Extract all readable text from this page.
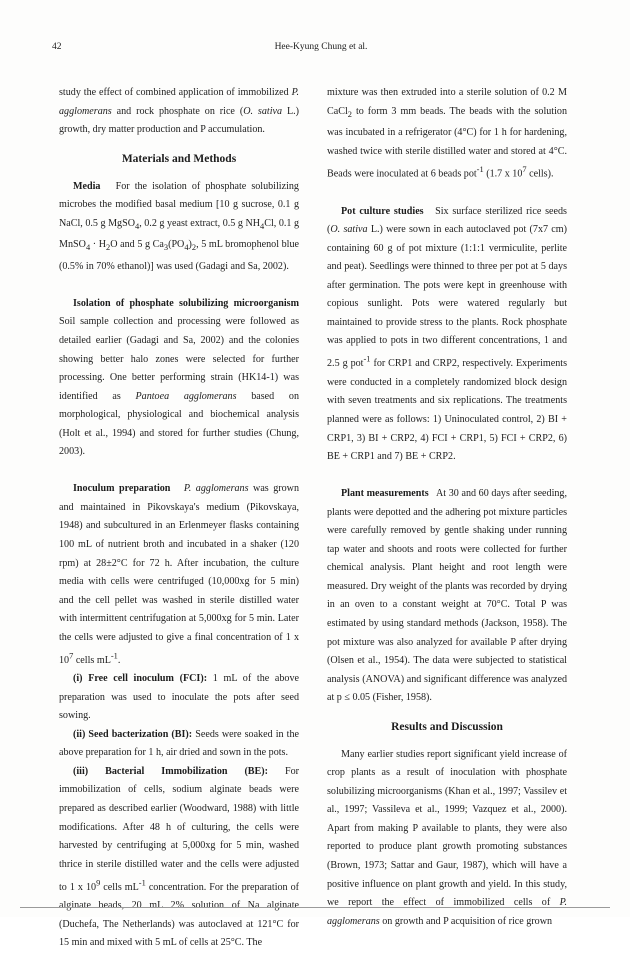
42	Hee-Kyung Chung et al.

study the effect of combined application of immobilized P. agglomerans and rock phosphate on rice (O. sativa L.) growth, dry matter production and P accumulation.

Materials and Methods

Media For the isolation of phosphate solubilizing microbes the modified basal medium [10 g sucrose, 0.1 g NaCl, 0.5 g MgSO$_4$, 0.2 g yeast extract, 0.5 g $NH_4Cl$, 0.1 g MnSO$_4$ · $H_2O$ and 5 g $Ca_3(PO_4)_2$, 5 mL bromophenol blue (0.5% in 70% ethanol)] was used (Gadagi and Sa, 2002).

Isolation of phosphate solubilizing microorganism Soil sample collection and processing were followed as detailed earlier (Gadagi and Sa, 2002) and the colonies showing better halo zones were selected for further processing. One better performing strain (HK14-1) was identified as Pantoea agglomerans based on morphological, physiological and biochemical analysis (Holt et al., 1994) and stored for further studies (Chung, 2003).

Inoculum preparation P. agglomerans was grown and maintained in Pikovskaya's medium (Pikovskaya, 1948) and subcultured in an Erlenmeyer flasks containing 100 mL of nutrient broth and incubated in a shaker (120 rpm) at 28±2°C for 72 h. After incubation, the culture media with cells were centrifuged (10,000xg for 5 min) and the cell pellet was washed in sterile distilled water with intermittent centrifugation at 5,000xg for 5 min. Later the cells were adjusted to give a final concentration of 1 x $10^7$ cells $mL^{-1}$.

(i) Free cell inoculum (FCI): 1 mL of the above preparation was used to inoculate the pots after seed sowing.

(ii) Seed bacterization (BI): Seeds were soaked in the above preparation for 1 h, air dried and sown in the pots.

(iii) Bacterial Immobilization (BE): For immobilization of cells, sodium alginate beads were prepared as described earlier (Woodward, 1988) with little modifications. After 48 h of culturing, the cells were harvested by centrifuging at 5,000xg for 5 min, washed thrice in sterile distilled water and the cells were adjusted to 1 x $10^9$ cells $mL^{-1}$ concentration. For the preparation of alginate beads, 20 mL 2% solution of Na alginate (Duchefa, The Netherlands) was autoclaved at 121°C for 15 min and mixed with 5 mL of cells at 25°C. The

mixture was then extruded into a sterile solution of 0.2 M CaCl$_2$ to form 3 mm beads. The beads with the solution was incubated in a refrigerator (4°C) for 1 h for hardening, washed twice with sterile distilled water and stored at 4°C. Beads were inoculated at 6 beads pot$^{-1}$ (1.7 x $10^7$ cells).

Pot culture studies Six surface sterilized rice seeds (O. sativa L.) were sown in each autoclaved pot (7x7 cm) containing 60 g of pot mixture (1:1:1 vermiculite, perlite and peat). Seedlings were thinned to three per pot at 5 days after germination. The pots were kept in greenhouse with copious sunlight. Pots were watered regularly but maintained to provide stress to the plants. Rock phosphate was applied to pots in two different concentrations, 1 and 2.5 g pot$^{-1}$ for CRP1 and CRP2, respectively. Experiments were conducted in a completely randomized block design with seven treatments and six replications. The treatments planned were as follows: 1) Uninoculated control, 2) BI + CRP1, 3) BI + CRP2, 4) FCI + CRP1, 5) FCI + CRP2, 6) BE + CRP1 and 7) BE + CRP2.

Plant measurements At 30 and 60 days after seeding, plants were depotted and the adhering pot mixture particles were carefully removed by gentle shaking under running tap water and shoots and roots were collected for further chemical analysis. Plant height and root length were measured. Dry weight of the plants was recorded by drying in an oven to a constant weight at 70°C. Total P was estimated by using standard methods (Jackson, 1958). The pot mixture was also analyzed for available P after drying (Olsen et al., 1954). The data were subjected to statistical analysis (ANOVA) and significant difference was analyzed at p ≤ 0.05 (Fisher, 1958).

Results and Discussion

Many earlier studies report significant yield increase of crop plants as a result of inoculation with phosphate solubilizing microorganisms (Khan et al., 1997; Vassilev et al., 1997; Vassileva et al., 1999; Vazquez et al., 2000). Apart from making P available to plants, they were also reported to produce plant growth promoting substances (Brown, 1973; Sattar and Gaur, 1987), which will have a positive influence on plant growth and yield. In this study, we report the effect of immobilized cells of P. agglomerans on growth and P acquisition of rice grown
